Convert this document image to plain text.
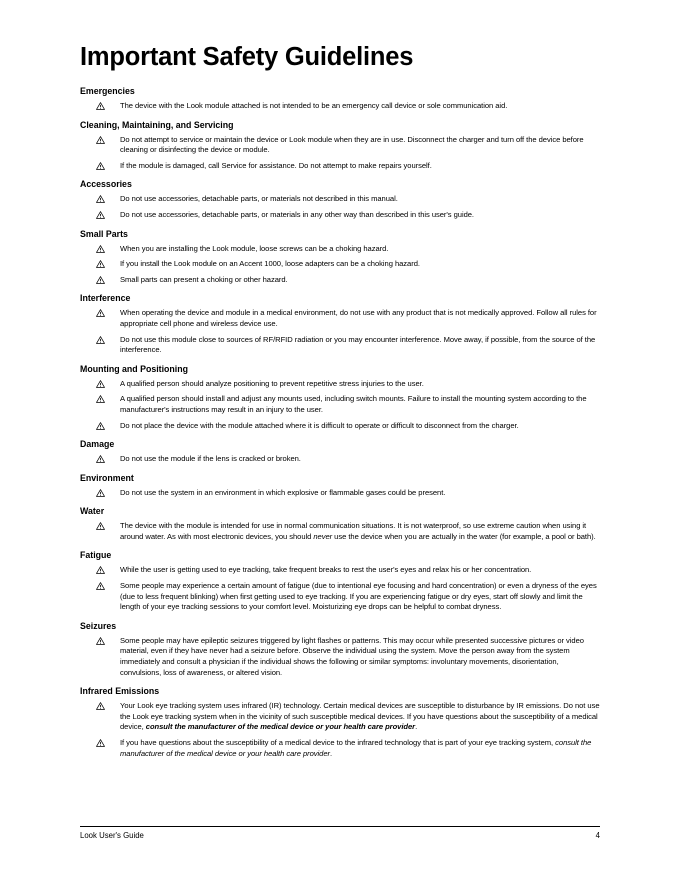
Important Safety Guidelines
Emergencies
The device with the Look module attached is not intended to be an emergency call device or sole communication aid.
Cleaning, Maintaining, and Servicing
Do not attempt to service or maintain the device or Look module when they are in use. Disconnect the charger and turn off the device before cleaning or disinfecting the device or module.
If the module is damaged, call Service for assistance. Do not attempt to make repairs yourself.
Accessories
Do not use accessories, detachable parts, or materials not described in this manual.
Do not use accessories, detachable parts, or materials in any other way than described in this user's guide.
Small Parts
When you are installing the Look module, loose screws can be a choking hazard.
If you install the Look module on an Accent 1000, loose adapters can be a choking hazard.
Small parts can present a choking or other hazard.
Interference
When operating the device and module in a medical environment, do not use with any product that is not medically approved. Follow all rules for appropriate cell phone and wireless device use.
Do not use this module close to sources of RF/RFID radiation or you may encounter interference. Move away, if possible, from the source of the interference.
Mounting and Positioning
A qualified person should analyze positioning to prevent repetitive stress injuries to the user.
A qualified person should install and adjust any mounts used, including switch mounts. Failure to install the mounting system according to the manufacturer's instructions may result in an injury to the user.
Do not place the device with the module attached where it is difficult to operate or difficult to disconnect from the charger.
Damage
Do not use the module if the lens is cracked or broken.
Environment
Do not use the system in an environment in which explosive or flammable gases could be present.
Water
The device with the module is intended for use in normal communication situations. It is not waterproof, so use extreme caution when using it around water. As with most electronic devices, you should never use the device when you are actually in the water (for example, a pool or bath).
Fatigue
While the user is getting used to eye tracking, take frequent breaks to rest the user's eyes and relax his or her concentration.
Some people may experience a certain amount of fatigue (due to intentional eye focusing and hard concentration) or even a dryness of the eyes (due to less frequent blinking) when first getting used to eye tracking. If you are experiencing fatigue or dry eyes, start off slowly and limit the length of your eye tracking sessions to your comfort level. Moisturizing eye drops can be helpful to combat dryness.
Seizures
Some people may have epileptic seizures triggered by light flashes or patterns. This may occur while presented successive pictures or video material, even if they have never had a seizure before. Observe the individual using the system. Move the person away from the system immediately and consult a physician if the individual shows the following or similar symptoms: involuntary movements, disorientation, convulsions, loss of awareness, or altered vision.
Infrared Emissions
Your Look eye tracking system uses infrared (IR) technology. Certain medical devices are susceptible to disturbance by IR emissions. Do not use the Look eye tracking system when in the vicinity of such susceptible medical devices. If you have questions about the susceptibility of a medical device, consult the manufacturer of the medical device or your health care provider.
If you have questions about the susceptibility of a medical device to the infrared technology that is part of your eye tracking system, consult the manufacturer of the medical device or your health care provider.
Look User's Guide	4
